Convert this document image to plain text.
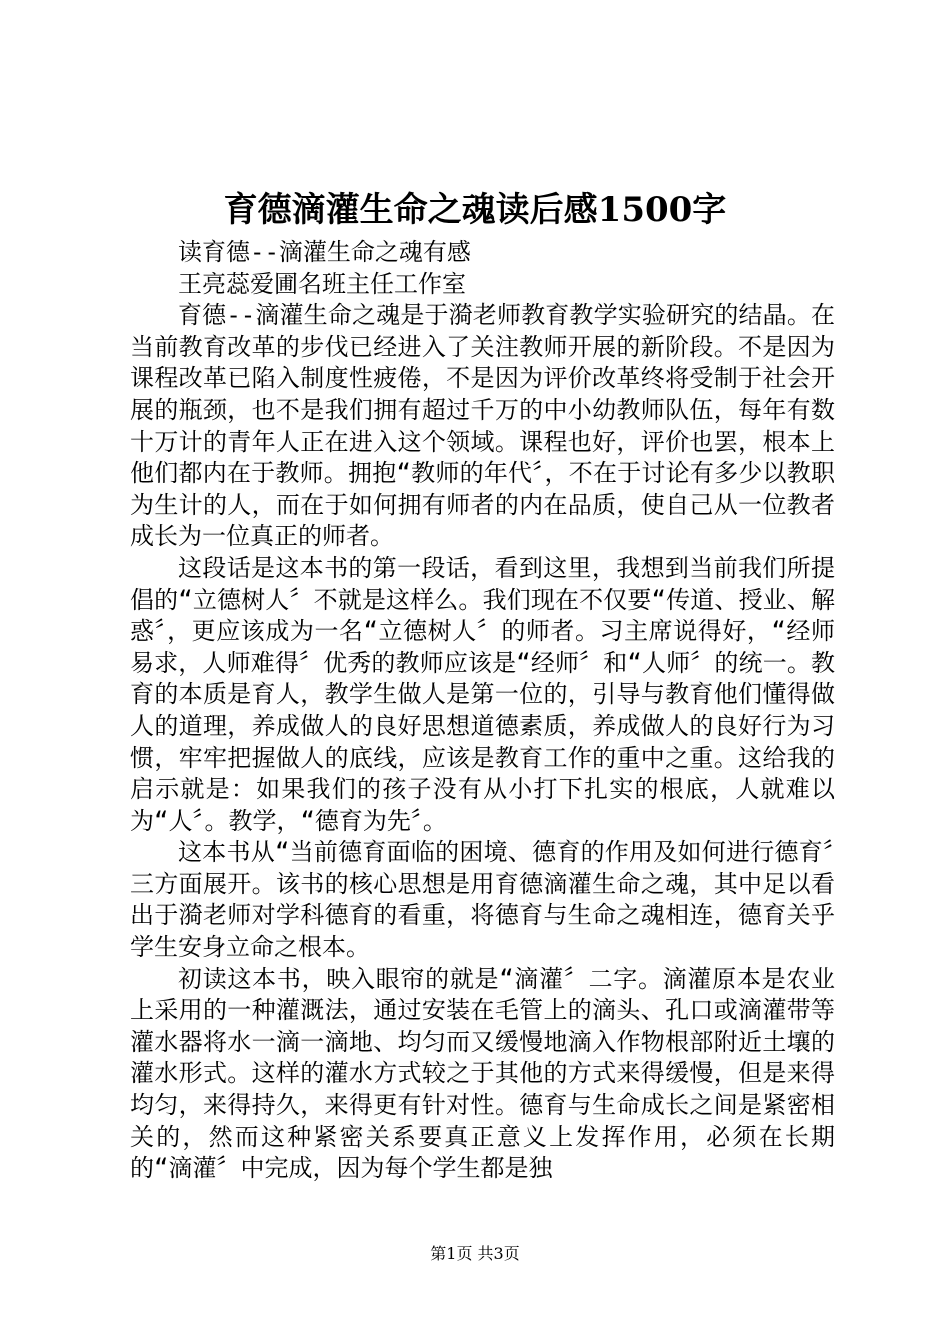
育德滴灌生命之魂读后感1500字

读育德--滴灌生命之魂有感

王亮蕊爱圃名班主任工作室

育德--滴灌生命之魂是于漪老师教育教学实验研究的结晶。在当前教育改革的步伐已经进入了关注教师开展的新阶段。不是因为课程改革已陷入制度性疲倦，不是因为评价改革终将受制于社会开展的瓶颈，也不是我们拥有超过千万的中小幼教师队伍，每年有数十万计的青年人正在进入这个领域。课程也好，评价也罢，根本上他们都内在于教师。拥抱“教师的年代〞，不在于讨论有多少以教职为生计的人，而在于如何拥有师者的内在品质，使自己从一位教者成长为一位真正的师者。

这段话是这本书的第一段话，看到这里，我想到当前我们所提倡的“立德树人〞不就是这样么。我们现在不仅要“传道、授业、解惑〞，更应该成为一名“立德树人〞的师者。习主席说得好，“经师易求，人师难得〞优秀的教师应该是“经师〞和“人师〞的统一。教育的本质是育人，教学生做人是第一位的，引导与教育他们懂得做人的道理，养成做人的良好思想道德素质，养成做人的良好行为习惯，牢牢把握做人的底线，应该是教育工作的重中之重。这给我的启示就是：如果我们的孩子没有从小打下扎实的根底，人就难以为“人〞。教学，“德育为先〞。

这本书从“当前德育面临的困境、德育的作用及如何进行德育〞三方面展开。该书的核心思想是用育德滴灌生命之魂，其中足以看出于漪老师对学科德育的看重，将德育与生命之魂相连，德育关乎学生安身立命之根本。

初读这本书，映入眼帘的就是“滴灌〞二字。滴灌原本是农业上采用的一种灌溉法，通过安装在毛管上的滴头、孔口或滴灌带等灌水器将水一滴一滴地、均匀而又缓慢地滴入作物根部附近土壤的灌水形式。这样的灌水方式较之于其他的方式来得缓慢，但是来得均匀，来得持久，来得更有针对性。德育与生命成长之间是紧密相关的，然而这种紧密关系要真正意义上发挥作用，必须在长期的“滴灌〞中完成，因为每个学生都是独

第1页 共3页
